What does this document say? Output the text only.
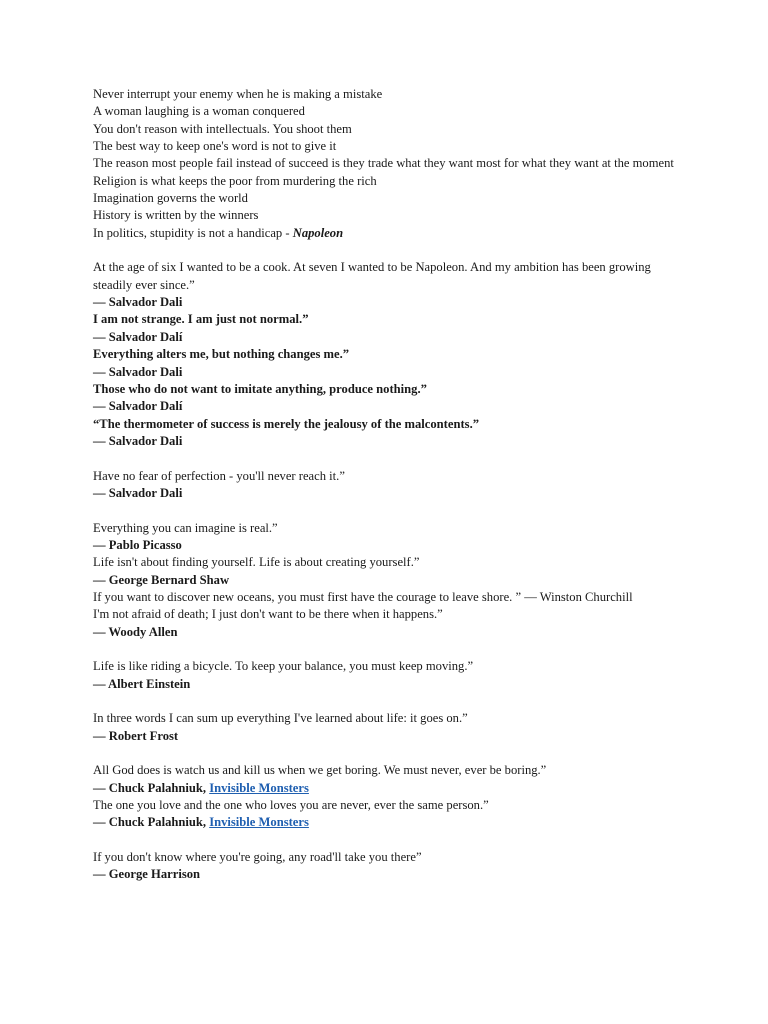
Never interrupt your enemy when he is making a mistake
A woman laughing is a woman conquered
You don't reason with intellectuals. You shoot them
The best way to keep one's word is not to give it
The reason most people fail instead of succeed is they trade what they want most for what they want at the moment
Religion is what keeps the poor from murdering the rich
Imagination governs the world
History is written by the winners
In politics, stupidity is not a handicap - Napoleon
At the age of six I wanted to be a cook. At seven I wanted to be Napoleon. And my ambition has been growing steadily ever since.”
― Salvador Dali
I am not strange. I am just not normal.”
― Salvador Dalí
Everything alters me, but nothing changes me.”
― Salvador Dali
Those who do not want to imitate anything, produce nothing.”
― Salvador Dalí
“The thermometer of success is merely the jealousy of the malcontents.”
― Salvador Dali
Have no fear of perfection - you'll never reach it.”
― Salvador Dali
Everything you can imagine is real.”
― Pablo Picasso
Life isn't about finding yourself. Life is about creating yourself.”
― George Bernard Shaw
If you want to discover new oceans, you must first have the courage to leave shore. ” ― Winston Churchill
I'm not afraid of death; I just don't want to be there when it happens.”
― Woody Allen
Life is like riding a bicycle. To keep your balance, you must keep moving.”
― Albert Einstein
In three words I can sum up everything I've learned about life: it goes on.”
― Robert Frost
All God does is watch us and kill us when we get boring. We must never, ever be boring.”
― Chuck Palahniuk, Invisible Monsters
The one you love and the one who loves you are never, ever the same person.”
― Chuck Palahniuk, Invisible Monsters
If you don't know where you're going, any road'll take you there”
― George Harrison
